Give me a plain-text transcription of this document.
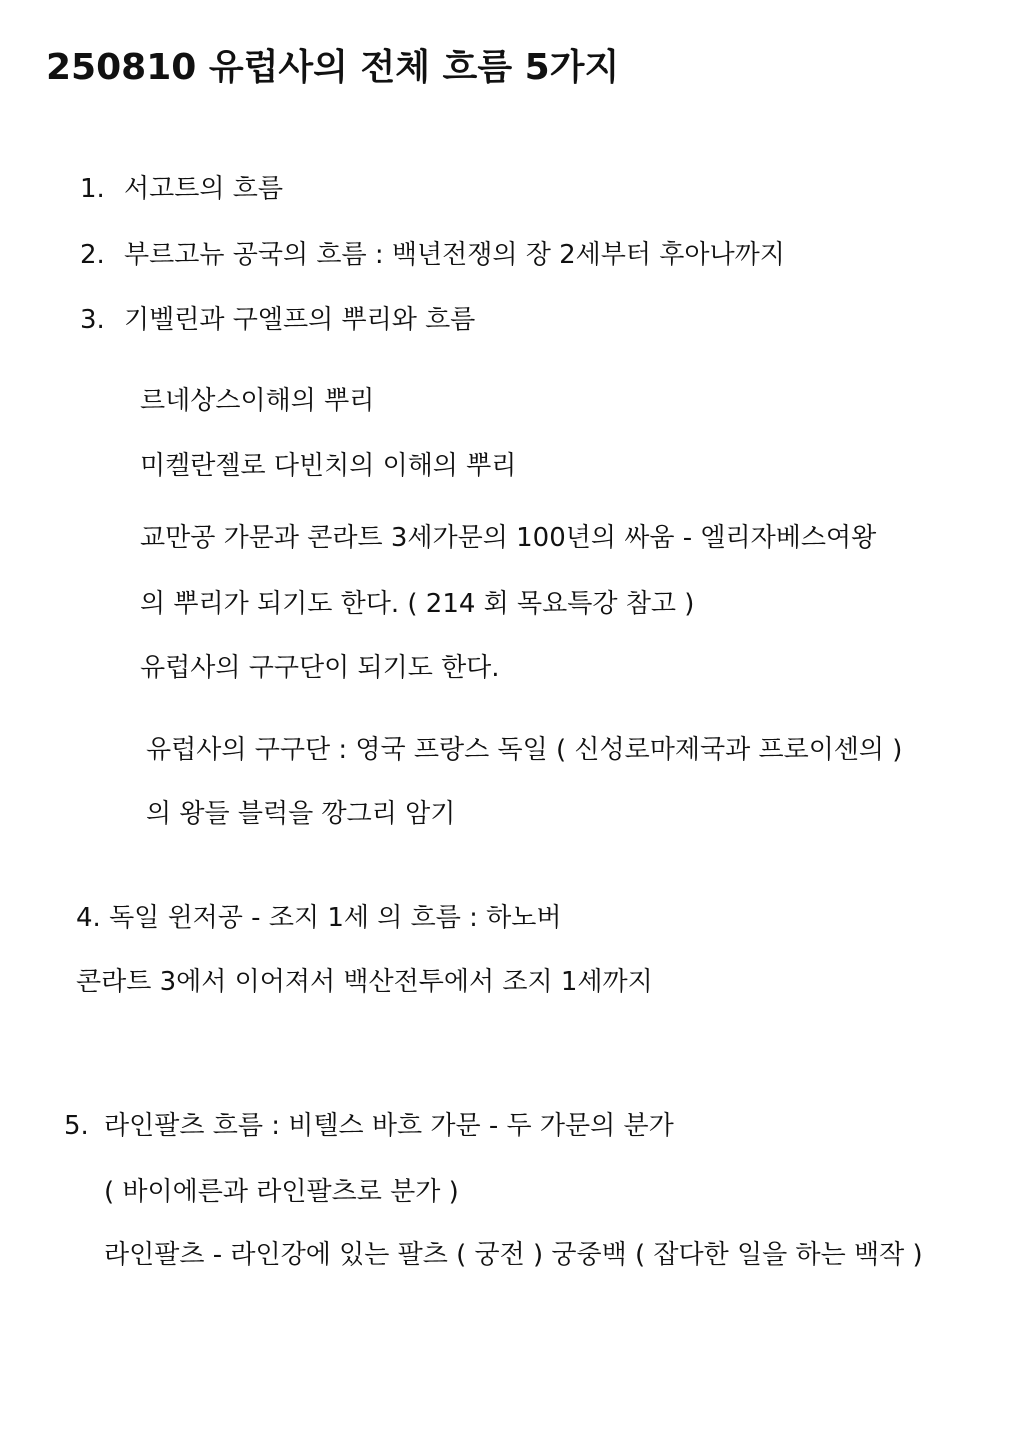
250810 유럽사의 전체 흐름 5가지
1. 서고트의 흐름
2. 부르고뉴 공국의 흐름 : 백년전쟁의 장 2세부터 후아나까지
3. 기벨린과 구엘프의 뿌리와 흐름
르네상스이해의 뿌리
미켈란젤로 다빈치의 이해의 뿌리
교만공 가문과 콘라트 3세가문의 100년의 싸움 - 엘리자베스여왕
의 뿌리가 되기도 한다. ( 214 회 목요특강 참고 )
유럽사의 구구단이 되기도 한다.
유럽사의 구구단 : 영국 프랑스 독일 ( 신성로마제국과 프로이센의 )
의 왕들 블럭을 깡그리 암기
4. 독일 윈저공 - 조지 1세 의 흐름 : 하노버
콘라트 3에서 이어져서 백산전투에서 조지 1세까지
5. 라인팔츠 흐름 : 비텔스 바흐 가문 - 두 가문의 분가
( 바이에른과 라인팔츠로 분가 )
라인팔츠 - 라인강에 있는 팔츠 ( 궁전 ) 궁중백 ( 잡다한 일을 하는 백작 )
